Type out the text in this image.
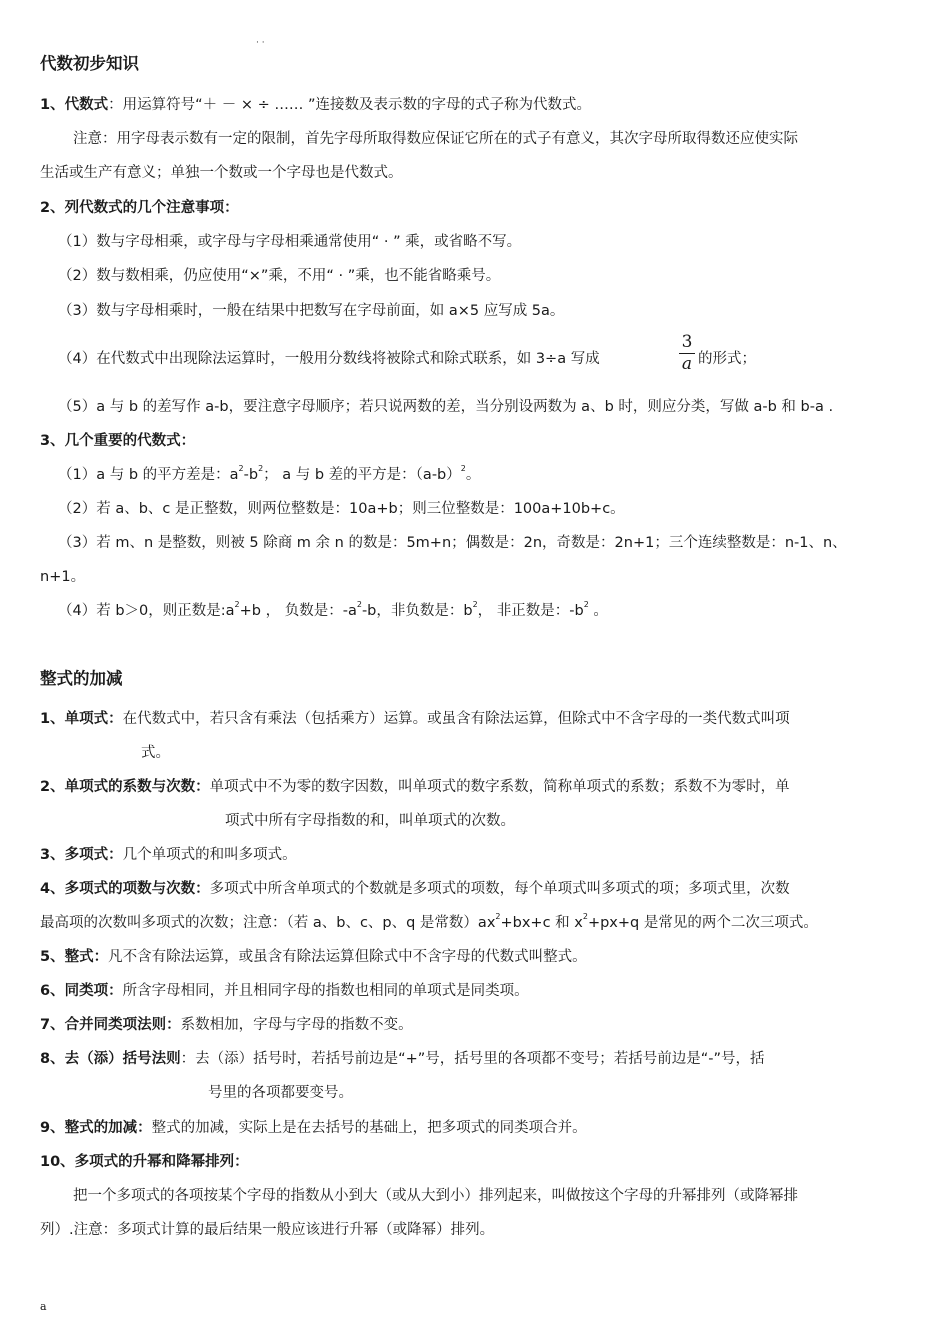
· ·
代数初步知识
1、代数式：用运算符号“＋ － × ÷ …… ”连接数及表示数的字母的式子称为代数式。
注意：用字母表示数有一定的限制，首先字母所取得数应保证它所在的式子有意义，其次字母所取得数还应使实际
生活或生产有意义；单独一个数或一个字母也是代数式。
2、列代数式的几个注意事项：
（1）数与字母相乘，或字母与字母相乘通常使用“ · ” 乘，或省略不写。
（2）数与数相乘，仍应使用“×”乘，不用“ · ”乘，也不能省略乘号。
（3）数与字母相乘时，一般在结果中把数写在字母前面，如 a×5 应写成 5a。
（4）在代数式中出现除法运算时，一般用分数线将被除式和除式联系，如 3÷a 写成
3
a 的形式；
（5）a 与 b 的差写作 a-b，要注意字母顺序；若只说两数的差，当分别设两数为 a、b 时，则应分类，写做 a-b 和 b-a .
3、几个重要的代数式：
（1）a 与 b 的平方差是：$a^2-b^2$； a 与 b 差的平方是：$(a-b)^2$。
（2）若 a、b、c 是正整数，则两位整数是：10a+b；则三位整数是：100a+10b+c。
（3）若 m、n 是整数，则被 5 除商 m 余 n 的数是：5m+n；偶数是：2n，奇数是：2n+1；三个连续整数是：n-1、n、
n+1。
（4）若 b＞0，则正数是$:a^2+b$ ， 负数是：$-a^2-b$，非负数是：$b^2$， 非正数是：$-b^2$ 。
整式的加减
1、单项式：在代数式中，若只含有乘法（包括乘方）运算。或虽含有除法运算，但除式中不含字母的一类代数式叫项
式。
2、单项式的系数与次数：单项式中不为零的数字因数，叫单项式的数字系数，简称单项式的系数；系数不为零时，单
项式中所有字母指数的和，叫单项式的次数。
3、多项式：几个单项式的和叫多项式。
4、多项式的项数与次数：多项式中所含单项式的个数就是多项式的项数，每个单项式叫多项式的项；多项式里，次数
最高项的次数叫多项式的次数；注意：（若 a、b、c、p、q 是常数）$ax^2+bx+c$ 和 $x^2+px+q$ 是常见的两个二次三项式。
5、整式：凡不含有除法运算，或虽含有除法运算但除式中不含字母的代数式叫整式。
6、同类项：所含字母相同，并且相同字母的指数也相同的单项式是同类项。
7、合并同类项法则：系数相加，字母与字母的指数不变。
8、去（添）括号法则：去（添）括号时，若括号前边是“+”号，括号里的各项都不变号；若括号前边是“-”号，括
号里的各项都要变号。
9、整式的加减：整式的加减，实际上是在去括号的基础上，把多项式的同类项合并。
10、多项式的升幂和降幂排列：
把一个多项式的各项按某个字母的指数从小到大（或从大到小）排列起来，叫做按这个字母的升幂排列（或降幂排
列）.注意：多项式计算的最后结果一般应该进行升幂（或降幂）排列。
a
